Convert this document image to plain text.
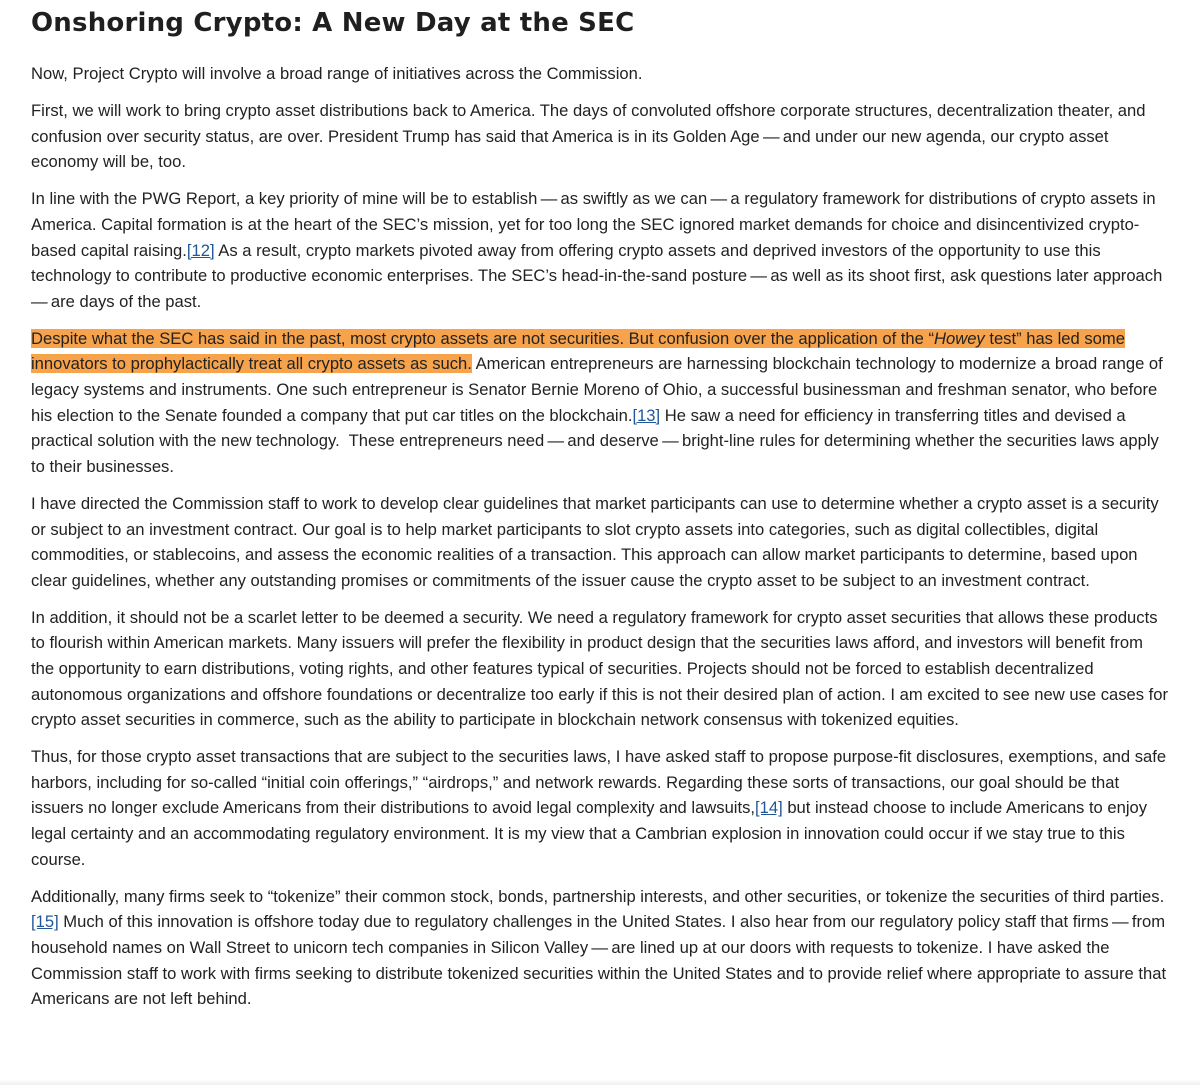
Onshoring Crypto: A New Day at the SEC

Now, Project Crypto will involve a broad range of initiatives across the Commission.

First, we will work to bring crypto asset distributions back to America. The days of convoluted offshore corporate structures, decentralization theater, and confusion over security status, are over. President Trump has said that America is in its Golden Age — and under our new agenda, our crypto asset economy will be, too.

In line with the PWG Report, a key priority of mine will be to establish — as swiftly as we can — a regulatory framework for distributions of crypto assets in America. Capital formation is at the heart of the SEC’s mission, yet for too long the SEC ignored market demands for choice and disincentivized crypto-based capital raising.[12] As a result, crypto markets pivoted away from offering crypto assets and deprived investors of the opportunity to use this technology to contribute to productive economic enterprises. The SEC’s head-in-the-sand posture — as well as its shoot first, ask questions later approach — are days of the past.

Despite what the SEC has said in the past, most crypto assets are not securities. But confusion over the application of the “Howey test” has led some innovators to prophylactically treat all crypto assets as such. American entrepreneurs are harnessing blockchain technology to modernize a broad range of legacy systems and instruments. One such entrepreneur is Senator Bernie Moreno of Ohio, a successful businessman and freshman senator, who before his election to the Senate founded a company that put car titles on the blockchain.[13] He saw a need for efficiency in transferring titles and devised a practical solution with the new technology.  These entrepreneurs need — and deserve — bright-line rules for determining whether the securities laws apply to their businesses.

I have directed the Commission staff to work to develop clear guidelines that market participants can use to determine whether a crypto asset is a security or subject to an investment contract. Our goal is to help market participants to slot crypto assets into categories, such as digital collectibles, digital commodities, or stablecoins, and assess the economic realities of a transaction. This approach can allow market participants to determine, based upon clear guidelines, whether any outstanding promises or commitments of the issuer cause the crypto asset to be subject to an investment contract.

In addition, it should not be a scarlet letter to be deemed a security. We need a regulatory framework for crypto asset securities that allows these products to flourish within American markets. Many issuers will prefer the flexibility in product design that the securities laws afford, and investors will benefit from the opportunity to earn distributions, voting rights, and other features typical of securities. Projects should not be forced to establish decentralized autonomous organizations and offshore foundations or decentralize too early if this is not their desired plan of action. I am excited to see new use cases for crypto asset securities in commerce, such as the ability to participate in blockchain network consensus with tokenized equities.

Thus, for those crypto asset transactions that are subject to the securities laws, I have asked staff to propose purpose-fit disclosures, exemptions, and safe harbors, including for so-called “initial coin offerings,” “airdrops,” and network rewards. Regarding these sorts of transactions, our goal should be that issuers no longer exclude Americans from their distributions to avoid legal complexity and lawsuits,[14] but instead choose to include Americans to enjoy legal certainty and an accommodating regulatory environment. It is my view that a Cambrian explosion in innovation could occur if we stay true to this course.

Additionally, many firms seek to “tokenize” their common stock, bonds, partnership interests, and other securities, or tokenize the securities of third parties.[15] Much of this innovation is offshore today due to regulatory challenges in the United States. I also hear from our regulatory policy staff that firms — from household names on Wall Street to unicorn tech companies in Silicon Valley — are lined up at our doors with requests to tokenize. I have asked the Commission staff to work with firms seeking to distribute tokenized securities within the United States and to provide relief where appropriate to assure that Americans are not left behind.
